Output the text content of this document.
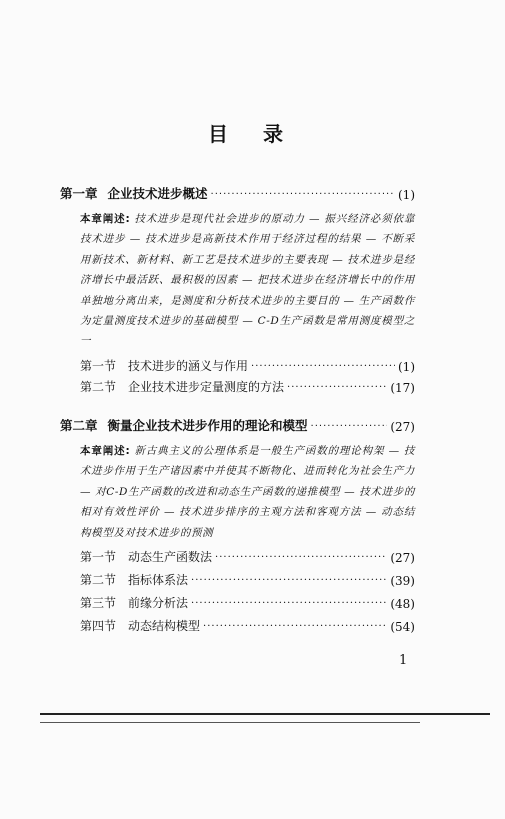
目 录
第一章 企业技术进步概述 ·····	(1)
本章阐述: 技术进步是现代社会进步的原动力 — 振兴经济必须依靠技术进步 — 技术进步是高新技术作用于经济过程的结果 — 不断采用新技术、新材料、新工艺是技术进步的主要表现 — 技术进步是经济增长中最活跃、最积极的因素 — 把技术进步在经济增长中的作用单独地分离出来，是测度和分析技术进步的主要目的 — 生产函数作为定量测度技术进步的基础模型 — C-D生产函数是常用测度模型之一
第一节 技术进步的涵义与作用 ·····	(1)
第二节 企业技术进步定量测度的方法 ·····	(17)
第二章 衡量企业技术进步作用的理论和模型 ·····	(27)
本章阐述: 新古典主义的公理体系是一般生产函数的理论构架 — 技术进步作用于生产诸因素中并使其不断物化、进而转化为社会生产力 — 对C-D生产函数的改进和动态生产函数的递推模型 — 技术进步的相对有效性评价 — 技术进步排序的主观方法和客观方法 — 动态结构模型及对技术进步的预测
第一节 动态生产函数法 ·····	(27)
第二节 指标体系法 ·····	(39)
第三节 前缘分析法 ·····	(48)
第四节 动态结构模型 ·····	(54)
1
